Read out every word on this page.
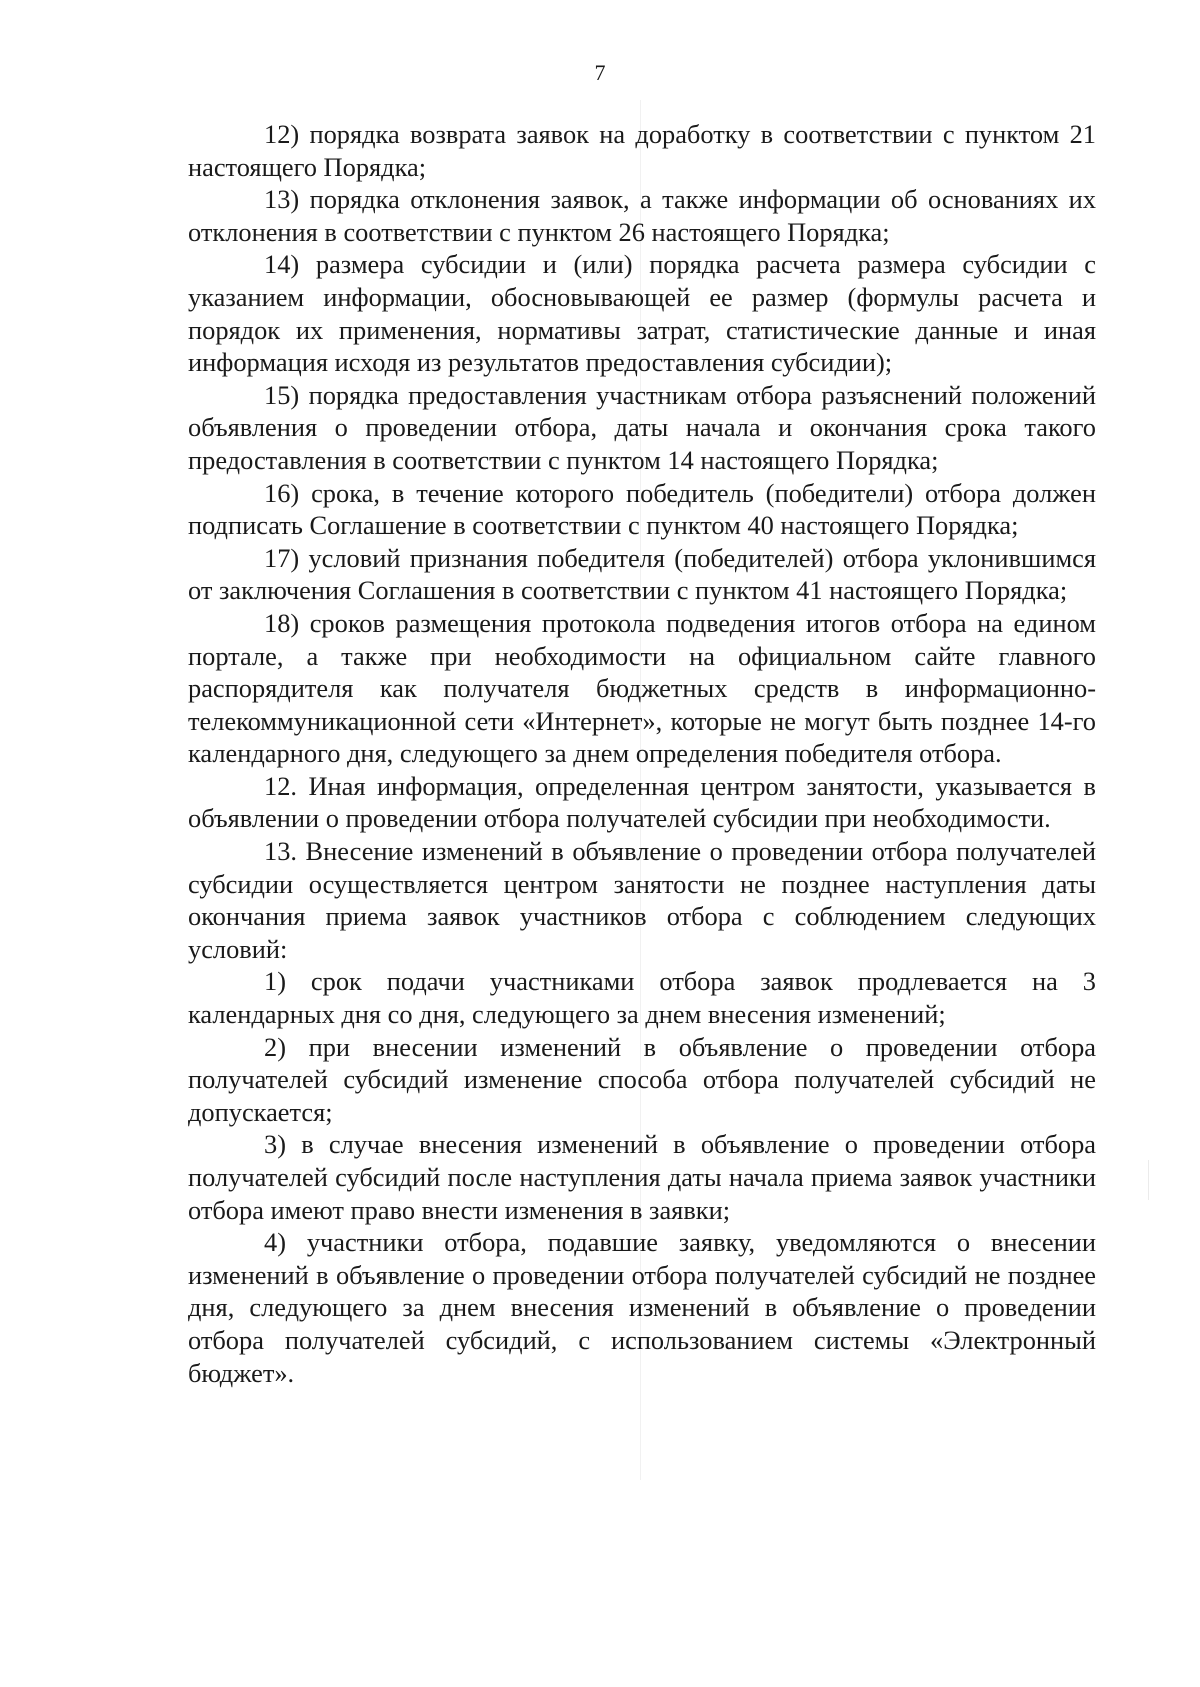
7

12) порядка возврата заявок на доработку в соответствии с пунктом 21 настоящего Порядка;

13) порядка отклонения заявок, а также информации об основаниях их отклонения в соответствии с пунктом 26 настоящего Порядка;

14) размера субсидии и (или) порядка расчета размера субсидии с указанием информации, обосновывающей ее размер (формулы расчета и порядок их применения, нормативы затрат, статистические данные и иная информация исходя из результатов предоставления субсидии);

15) порядка предоставления участникам отбора разъяснений положений объявления о проведении отбора, даты начала и окончания срока такого предоставления в соответствии с пунктом 14 настоящего Порядка;

16) срока, в течение которого победитель (победители) отбора должен подписать Соглашение в соответствии с пунктом 40 настоящего Порядка;

17) условий признания победителя (победителей) отбора уклонившимся от заключения Соглашения в соответствии с пунктом 41 настоящего Порядка;

18) сроков размещения протокола подведения итогов отбора на едином портале, а также при необходимости на официальном сайте главного распорядителя как получателя бюджетных средств в информационно-телекоммуникационной сети «Интернет», которые не могут быть позднее 14-го календарного дня, следующего за днем определения победителя отбора.

12. Иная информация, определенная центром занятости, указывается в объявлении о проведении отбора получателей субсидии при необходимости.

13. Внесение изменений в объявление о проведении отбора получателей субсидии осуществляется центром занятости не позднее наступления даты окончания приема заявок участников отбора с соблюдением следующих условий:

1) срок подачи участниками отбора заявок продлевается на 3 календарных дня со дня, следующего за днем внесения изменений;

2) при внесении изменений в объявление о проведении отбора получателей субсидий изменение способа отбора получателей субсидий не допускается;

3) в случае внесения изменений в объявление о проведении отбора получателей субсидий после наступления даты начала приема заявок участники отбора имеют право внести изменения в заявки;

4) участники отбора, подавшие заявку, уведомляются о внесении изменений в объявление о проведении отбора получателей субсидий не позднее дня, следующего за днем внесения изменений в объявление о проведении отбора получателей субсидий, с использованием системы «Электронный бюджет».
